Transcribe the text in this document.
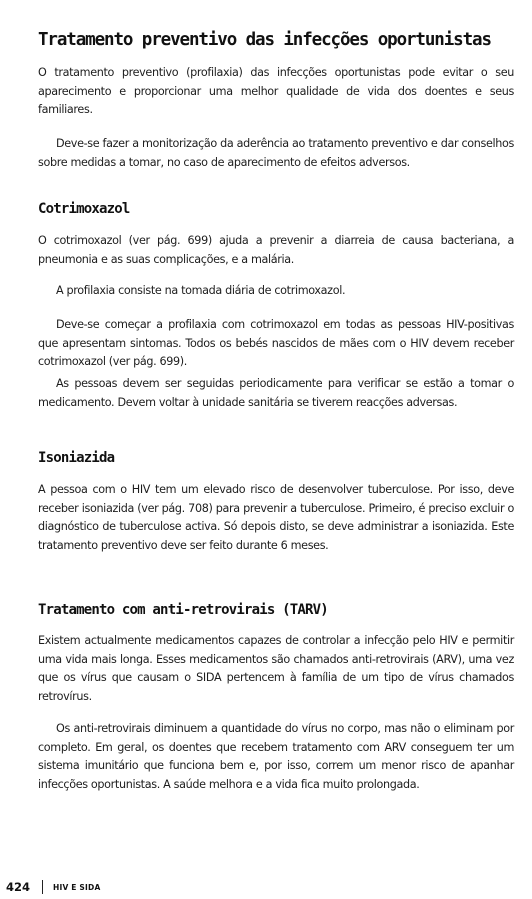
Tratamento preventivo das infecções oportunistas

O tratamento preventivo (profilaxia) das infecções oportunistas pode evitar o seu aparecimento e proporcionar uma melhor qualidade de vida dos doentes e seus familiares.

Deve-se fazer a monitorização da aderência ao tratamento preventivo e dar conselhos sobre medidas a tomar, no caso de aparecimento de efeitos adversos.

Cotrimoxazol

O cotrimoxazol (ver pág. 699) ajuda a prevenir a diarreia de causa bacteriana, a pneumonia e as suas complicações, e a malária.

A profilaxia consiste na tomada diária de cotrimoxazol.

Deve-se começar a profilaxia com cotrimoxazol em todas as pessoas HIV-positivas que apresentam sintomas. Todos os bebés nascidos de mães com o HIV devem receber cotrimoxazol (ver pág. 699).

As pessoas devem ser seguidas periodicamente para verificar se estão a tomar o medicamento. Devem voltar à unidade sanitária se tiverem reacções adversas.

Isoniazida

A pessoa com o HIV tem um elevado risco de desenvolver tuberculose. Por isso, deve receber isoniazida (ver pág. 708) para prevenir a tuberculose. Primeiro, é preciso excluir o diagnóstico de tuberculose activa. Só depois disto, se deve administrar a isoniazida. Este tratamento preventivo deve ser feito durante 6 meses.

Tratamento com anti-retrovirais (TARV)

Existem actualmente medicamentos capazes de controlar a infecção pelo HIV e permitir uma vida mais longa. Esses medicamentos são chamados anti-retrovirais (ARV), uma vez que os vírus que causam o SIDA pertencem à família de um tipo de vírus chamados retrovírus.

Os anti-retrovirais diminuem a quantidade do vírus no corpo, mas não o eliminam por completo. Em geral, os doentes que recebem tratamento com ARV conseguem ter um sistema imunitário que funciona bem e, por isso, correm um menor risco de apanhar infecções oportunistas. A saúde melhora e a vida fica muito prolongada.

424	HIV E SIDA
